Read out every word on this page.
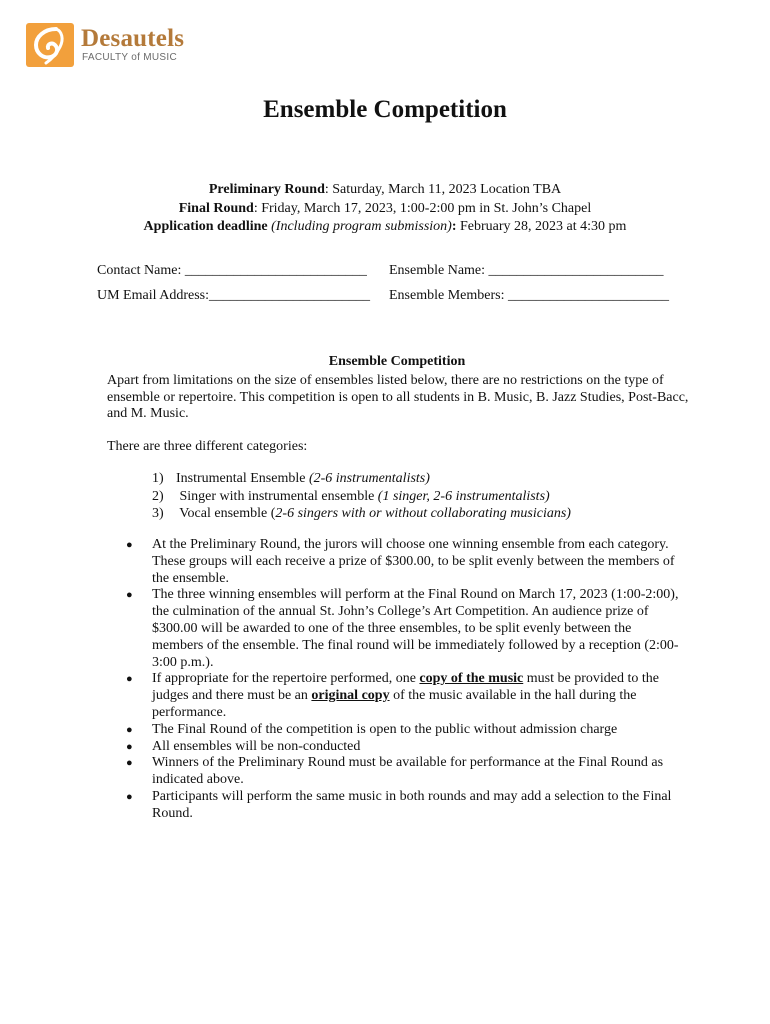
Desautels
FACULTY of MUSIC
Ensemble Competition
Preliminary Round: Saturday, March 11, 2023 Location TBA
Final Round: Friday, March 17, 2023, 1:00-2:00 pm in St. John’s Chapel
Application deadline (Including program submission): February 28, 2023 at 4:30 pm
Contact Name: __________________________ Ensemble Name: _________________________
UM Email Address:_______________________ Ensemble Members: _______________________
Ensemble Competition
Apart from limitations on the size of ensembles listed below, there are no restrictions on the type of ensemble or repertoire. This competition is open to all students in B. Music, B. Jazz Studies, Post-Bacc, and M. Music.
There are three different categories:
1) Instrumental Ensemble (2-6 instrumentalists)
2) Singer with instrumental ensemble (1 singer, 2-6 instrumentalists)
3) Vocal ensemble (2-6 singers with or without collaborating musicians)
● At the Preliminary Round, the jurors will choose one winning ensemble from each category. These groups will each receive a prize of $300.00, to be split evenly between the members of the ensemble.
● The three winning ensembles will perform at the Final Round on March 17, 2023 (1:00-2:00), the culmination of the annual St. John’s College’s Art Competition. An audience prize of $300.00 will be awarded to one of the three ensembles, to be split evenly between the members of the ensemble. The final round will be immediately followed by a reception (2:00-3:00 p.m.).
● If appropriate for the repertoire performed, one copy of the music must be provided to the judges and there must be an original copy of the music available in the hall during the performance.
● The Final Round of the competition is open to the public without admission charge
● All ensembles will be non-conducted
● Winners of the Preliminary Round must be available for performance at the Final Round as indicated above.
● Participants will perform the same music in both rounds and may add a selection to the Final Round.
